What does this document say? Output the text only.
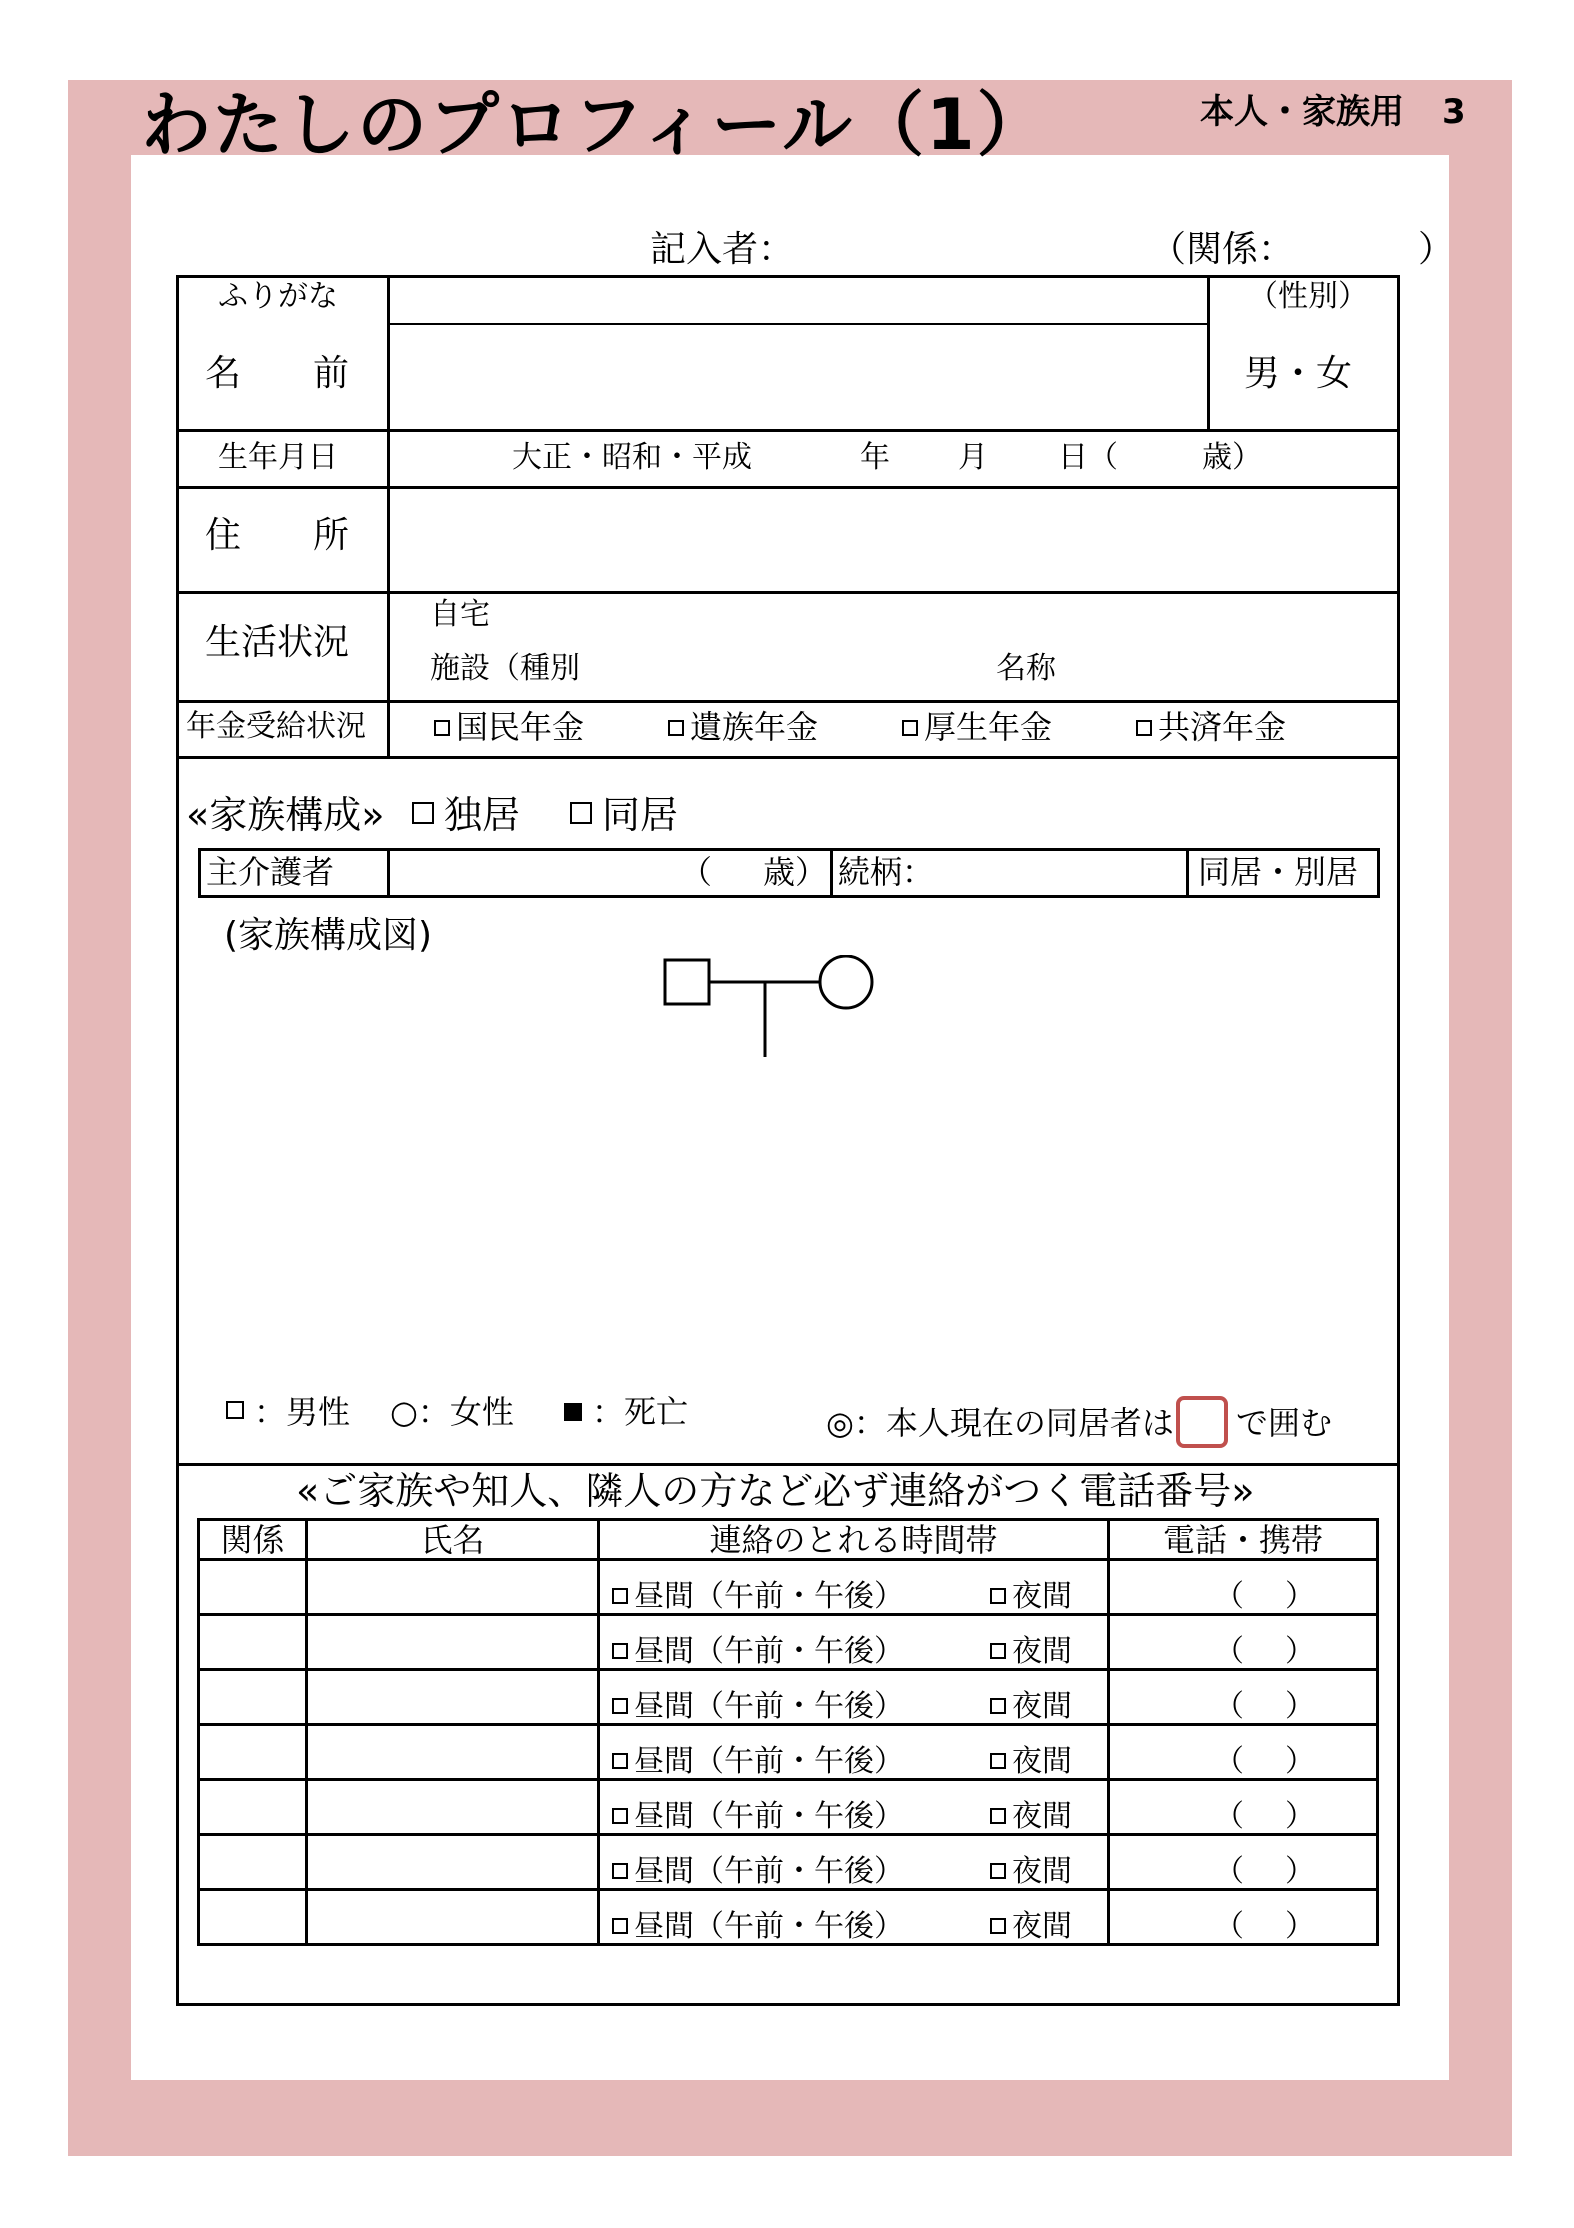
わたしのプロフィール（1）	本人・家族用 3
記入者：	（関係：	）
ふりがな
名　　前
（性別）
男・女
生年月日	大正・昭和・平成	年 月 日（	歳）
住　　所
生活状況
自宅
施設（種別	名称
年金受給状況	国民年金	遺族年金	厚生年金	共済年金
«家族構成»	独居	同居
主介護者	（ 歳） 続柄：	同居・別居
(家族構成図)
：男性 ○：女性	：死亡	◎：本人現在の同居者は で囲む
«ご家族や知人、隣人の方など必ず連絡がつく電話番号»
関係	氏名	連絡のとれる時間帯	電話・携帯

		昼間（午前・午後） 夜間	（ ）

		昼間（午前・午後） 夜間	（ ）

		昼間（午前・午後） 夜間	（ ）

		昼間（午前・午後） 夜間	（ ）

		昼間（午前・午後） 夜間	（ ）

		昼間（午前・午後） 夜間	（ ）

		昼間（午前・午後） 夜間	（ ）
